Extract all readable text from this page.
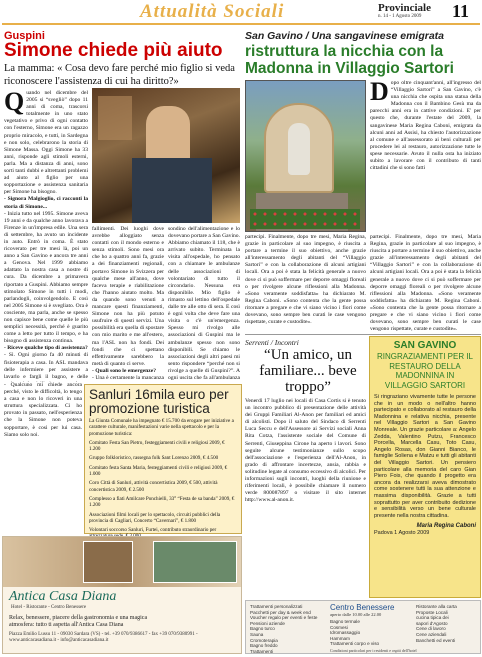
Attualità Sociali	Provinciale
n. 14 - 1 Agosto 2009 11
Guspini
Simone chiede più aiuto
La mamma: « Cosa devo fare perché mio figlio si veda riconoscere l'assistenza di cui ha diritto?»
Q uando nel dicembre del 2005 si “svegliò” dopo 11 anni di coma, trascorsi totalmente in uno stato vegetativo e privo di ogni contatto con l'esterno, Simone era un ragazzo proprio miracolo, e tutti, in Sardegna e non solo, celebrarono la storia di Simone Massa. Oggi Simone ha 33 anni, risponde agli stimoli esterni, parla. Ma a distanza di anni, sono sorti tanti dubbi e altrettanti problemi ad aiuto al figlio per una sopportazione e assistenza sanitaria per Simone ha bisogno.

- Signora Malgioglio, ci racconti la storia di Simone...

- Inizia tutto nel 1995. Simone aveva 19 anni e da qualche anno lavorava a Firenze in un'impresa edile. Una sera di settembre, ha avuto un incidente in auto. Entrò in coma. È stato ricoverato per tre mesi là, poi un anno a San Gavino e ancora tre anni a Genova. Nel 1999 abbiamo adattato la nostra casa a nostre di cura. Da dicembre a primavera riportato a Guspini. Abbiamo sempre stimolato Simone in tutti i modi, parlandogli, coinvolgendolo. E così nel 2005 Simone si è svegliato. Ora è cosciente, ma parla, anche se spesso non capisce bene come quelle le più semplici necessità, perché è guarito come a letto per tutto il tempo, e ha bisogno di assistenza continua.

- Riceve qualche tipo di assistenza?

- Sì. Ogni giorno fa 40 minuti di fisioterapia a casa. In ASL mandava delle infermiere per assistere a lavarlo e fargli il bagno, e delle

- Qualcuno mi chiede ancora perché, visto le difficoltà, lo tengo a casa e non lo ricoveri in una struttura specializzata. Ci ho provato in passato, nell'esperienza che la Simone non poteva sopportare, è così per lui casa. Siamo solo noi.

fallimenti. Dei luoghi dove avrebbe alloggiato senza contatti con il mondo esterno e senza stimoli. Sono mesi ora che ho a quattro anni fa, grazie a dei finanziamenti regionali, portavo Simone in Svizzera per qualche mese all'anno, dove faceva terapie e riabilitazione che l'hanno aiutato molto. Ma da quando sono venuti a mancare questi finanziamenti, Simone non ha più potuto usufruire di questi servizi. Una possibilità era quella di spostare con mio marito e me all'estero, ma l'ASL non ha fondi. Dei fondi che ci spettano effettivamente sarebbero la metà di quanto ci serve.

- Quali sono le emergenze?

- Una è certamente la mancanza

sondino dell'alimentazione e lo dovevano portare a San Gavino. Abbiamo chiamato il 118, che è arrivato subito. Terminata la visita all'ospedale, ho pensato con a chiamare le ambulanze delle associazioni di volontariato di tutto il circondario. Nessuna era disponibile. Mio figlio è rimasto sul lettino dell'ospedale dalle tre alle otto di sera. E così è ogni volta che deve fare una visita o c'è un'emergenza. Spesso mi rivolgo alle associazioni di Guspini ma le ambulanze spesso non sono disponibili. Se chiamo le associazioni degli altri paesi mi sento rispondere “perché non si rivolge a quelle di Guspini?”. A ogni uscita che fa all'ambulanza

Sanluri 16mila euro per promozione turistica

La Giunta Comunale ha impegnato € 15.700 da erogare per iniziative a carattere culturale, manifestazioni varie nella spettacolo e per la promozione turistica:

Comitato Festa San Pietro, festeggiamenti civili e religiosi 2009, € 1.200

Gruppo folkloristico, rassegna folk Sant Lorenzo 2009, € 4.500

Comitato festa Santa Maria, festeggiamenti civili e religiosi 2009, € 1.000

Coro Città di Sanluri, attività concertistica 2009, € 500, attività concertistica 2009, € 2.500

Complesso a fiati Amilcare Ponchielli, 33° “Festa de sa banda” 2009, € 1.200

Associazioni filmi locali per lo spettacolo, circuiti pubblici della provincia di Cagliari, Concerto “Cavernari”, € 1.800

Volontari soccorso Sanluri, Furtei, contributo straordinario per

Antica Casa Diana
Hotel - Ristorante - Centro Benessere
Relax, benessere, piacere della gastronomia e una magica atmosfera: tutto ti aspetta all'Antica Casa Diana
Piazza Emilio Lussu 11 - 09030 Sardara (VS) - tel. +39 070/9386617 - fax +39 070/9380991 - www.anticacasadiana.it - info@anticacasadiana.it
San Gavino / Una sangavinese emigrata
ristruttura la nicchia con la Madonna in Villaggio Sartori
D opo oltre cinquant'anni, all'ingresso del “Villaggio Sartori” a San Gavino, c'è una nicchia che ospita una statua della Madonna con il Bambino Gesù ma da parecchi anni era in cattive condizioni. E' per questo che, durante l'estate del 2009, la sangavinese Maria Regina Caboni, emigrata da alcuni anni ad Assisi, ha chiesto l'autorizzazione al comune e all'assessorato ai beni culturali per procedere lei al restauro, autorizzazione tutte le spese necessarie. Avuto il nulla osta ha iniziato subito a lavorare con il contributo di tanti cittadini che si sono fatti

partecipi. Finalmente, dopo tre mesi, Maria Regina, grazie in particolare al suo impegno, è riuscita a portare a termine il suo obiettivo, anche grazie all'interessamento degli abitanti del “Villaggio Sartori” e con la collaborazione di alcuni artigiani locali. Ora a poi è stata la felicità generale a nuovo dove ci si può soffermare per deporre omaggi floreali o per rivolgere alcune riflessioni alla Madonna. «Sono veramente soddisfatta» ha dichiarato M. Regina Caboni. «Sono contenta che la gente possa ritornare a pregare e che vi siano vicino i fiori come dovevano, sono sempre ben curati le case vengono rispettate, curate e custodite».

partecipi. Finalmente, dopo tre mesi, Maria Regina, grazie in particolare al suo impegno, è riuscita a portare a termine il suo obiettivo, anche grazie all'interessamento degli abitanti del “Villaggio Sartori” e con la collaborazione di alcuni artigiani locali. Ora a poi è stata la felicità generale a nuovo dove ci si può soffermare per deporre omaggi floreali o per rivolgere alcune riflessioni alla Madonna. «Sono veramente soddisfatta» ha dichiarato M. Regina Caboni. «Sono contenta che la gente possa ritornare a pregare e che vi siano vicino i fiori come dovevano, sono sempre ben curati le case vengono rispettate, curate e custodite».

Serrenti / Incontri
“Un amico, un familiare... beve troppo”

Venerdì 17 luglio nei locali di Casa Cortis si è tenuto un incontro pubblico di presentazione delle attività dei Gruppi Familiari Al-Anon per familiari ed amici di alcolisti. Dopo il saluto del Sindaco di Serrenti Luca Seccu e dell'Assessore ai Servizi sociali Anna Rita Cotza, l'assistente sociale del Comune di Serrenti, Giuseppina Cirone ha aperto i lavori. Sono seguite alcune testimonianze sullo scopo dell'associazione e l'esperienza dell'Al-Anon, in grado di affrontare incertezze, ansia, rabbia e solitudine legate al consumo eccessivo di alcolici. Per informazioni sugli incontri, luoghi della riunione e riferimenti locali, è possibile chiamare il numero verde 800087897 o visitare il sito internet http://www.al-anon.it.

SAN GAVINO
RINGRAZIAMENTI PER IL RESTAURO DELLA MADONNINA IN VILLAGGIO SARTORI
Si ringraziano vivamente tutte le persone che in un modo o nell'altro hanno partecipato e collaborato al restauro della Madonnina e relativa nicchia, presente nel Villaggio Sartori a San Gavino Monreale. Un grazie particolare a: Angelo Zedda, Valentino Putzu, Francesco Porcella, Marcella Casu, Toto Casu, Angelo Rosas, don Gianni Bianco, le famiglie Soliena e Matzu e tutti gli abitanti del Villaggio Sartori. Un pensiero particolare alla memoria del caro Gian Piero Fois, che quando il progetto era ancora da realizzarsi aveva dimostrato come sostenere tutti la sua attenzione e massima disponibilità. Grazie a tutti soprattutto per aver contribuito dedizione e sensibilità verso un bene culturale presente nella nostra cittadina.
Maria Regina Caboni
Padova 1 Agosto 2009
Trattamenti personalizzati
Pacchetti per day & week end
Voucher regalo per eventi e feste
Pensioni aziende
Bagno turco
Sauna
Cromoterapia
Bagno freddo
Trattamenti
Centro Benessere
aperto dalle 10.00 alle 22.00
Bagno termale
Cosmesi
Idromassaggio
Hammam
Trattamenti corpo e viso
Ristorante alla carta
Proposte Locali
cucina tipica dei
sapori d'Agosto
Cene di lavoro
Cene aziendali
Banchetti ed eventi
Condizioni particolari per i residenti e ospiti dell'hotel
